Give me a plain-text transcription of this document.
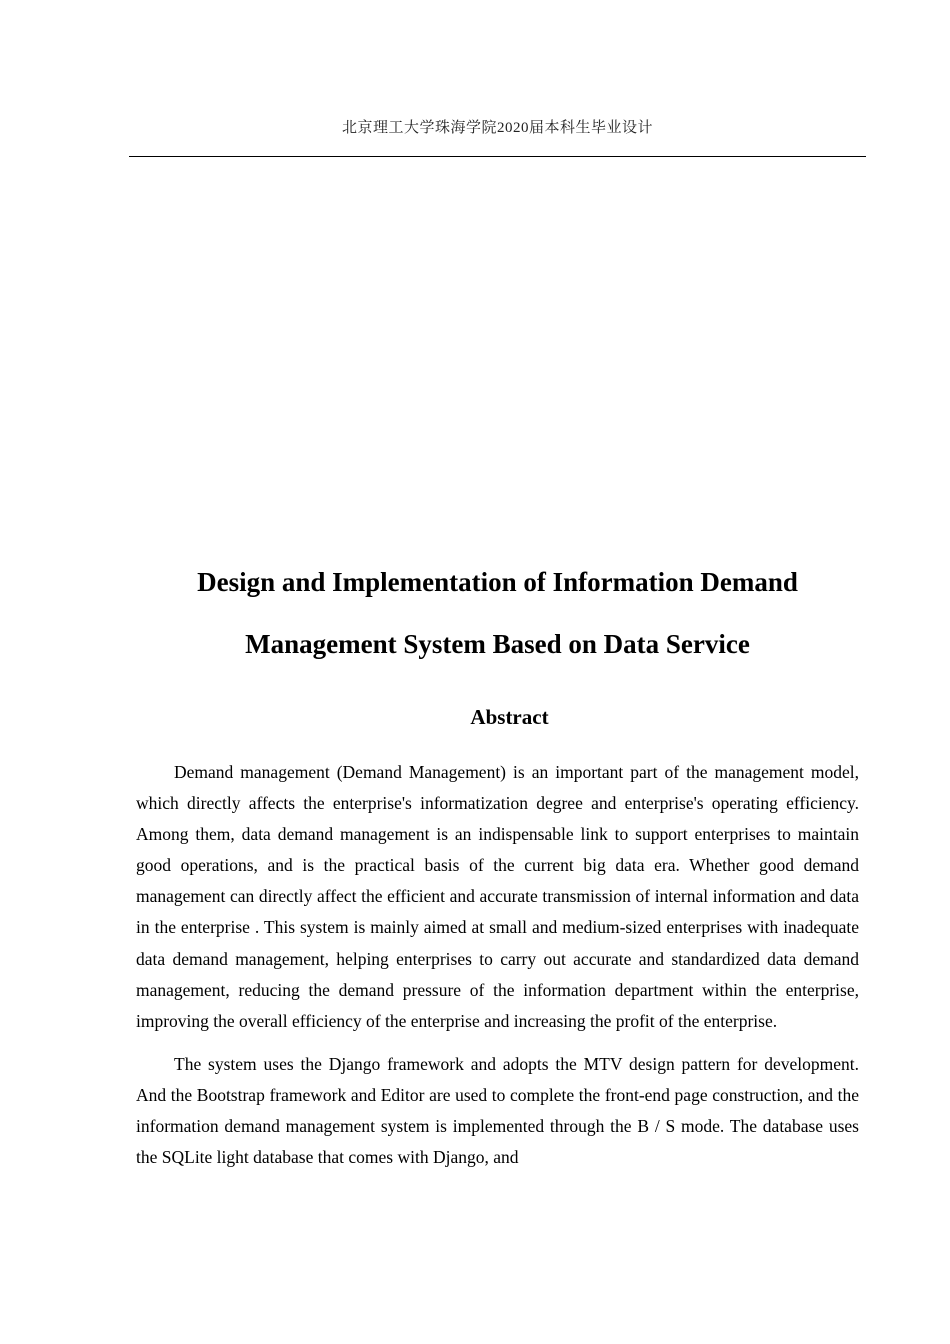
北京理工大学珠海学院2020届本科生毕业设计
Design and Implementation of Information Demand
Management System Based on Data Service
Abstract

Demand management (Demand Management) is an important part of the management model, which directly affects the enterprise's informatization degree and enterprise's operating efficiency. Among them, data demand management is an indispensable link to support enterprises to maintain good operations, and is the practical basis of the current big data era. Whether good demand management can directly affect the efficient and accurate transmission of internal information and data in the enterprise . This system is mainly aimed at small and medium-sized enterprises with inadequate data demand management, helping enterprises to carry out accurate and standardized data demand management, reducing the demand pressure of the information department within the enterprise, improving the overall efficiency of the enterprise and increasing the profit of the enterprise.

The system uses the Django framework and adopts the MTV design pattern for development. And the Bootstrap framework and Editor are used to complete the front-end page construction, and the information demand management system is implemented through the B / S mode. The database uses the SQLite light database that comes with Django, and
